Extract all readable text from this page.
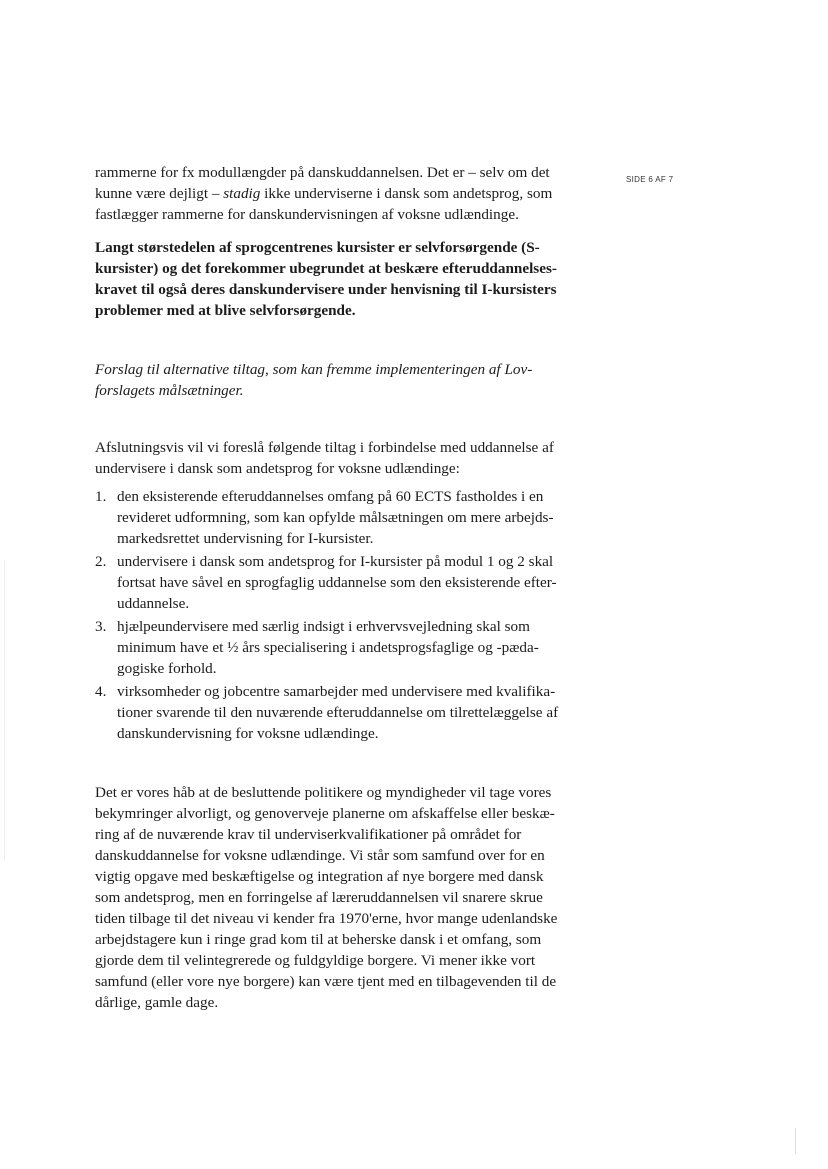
SIDE 6 AF 7
rammerne for fx modullængder på danskuddannelsen. Det er – selv om det
kunne være dejligt – stadig ikke underviserne i dansk som andetsprog, som
fastlægger rammerne for danskundervisningen af voksne udlændinge.
Langt størstedelen af sprogcentrenes kursister er selvforsørgende (S-
kursister) og det forekommer ubegrundet at beskære efteruddannelses-
kravet til også deres danskundervisere under henvisning til I-kursisters
problemer med at blive selvforsørgende.
Forslag til alternative tiltag, som kan fremme implementeringen af Lov-
forslagets målsætninger.
Afslutningsvis vil vi foreslå følgende tiltag i forbindelse med uddannelse af
undervisere i dansk som andetsprog for voksne udlændinge:
1. den eksisterende efteruddannelses omfang på 60 ECTS fastholdes i en
revideret udformning, som kan opfylde målsætningen om mere arbejds-
markedsrettet undervisning for I-kursister.
2. undervisere i dansk som andetsprog for I-kursister på modul 1 og 2 skal
fortsat have såvel en sprogfaglig uddannelse som den eksisterende efter-
uddannelse.
3. hjælpeundervisere med særlig indsigt i erhvervsvejledning skal som
minimum have et ½ års specialisering i andetsprogsfaglige og -pæda-
gogiske forhold.
4. virksomheder og jobcentre samarbejder med undervisere med kvalifika-
tioner svarende til den nuværende efteruddannelse om tilrettelæggelse af
danskundervisning for voksne udlændinge.
Det er vores håb at de besluttende politikere og myndigheder vil tage vores
bekymringer alvorligt, og genoverveje planerne om afskaffelse eller beskæ-
ring af de nuværende krav til underviserkvalifikationer på området for
danskuddannelse for voksne udlændinge. Vi står som samfund over for en
vigtig opgave med beskæftigelse og integration af nye borgere med dansk
som andetsprog, men en forringelse af læreruddannelsen vil snarere skrue
tiden tilbage til det niveau vi kender fra 1970'erne, hvor mange udenlandske
arbejdstagere kun i ringe grad kom til at beherske dansk i et omfang, som
gjorde dem til velintegrerede og fuldgyldige borgere. Vi mener ikke vort
samfund (eller vore nye borgere) kan være tjent med en tilbagevenden til de
dårlige, gamle dage.
